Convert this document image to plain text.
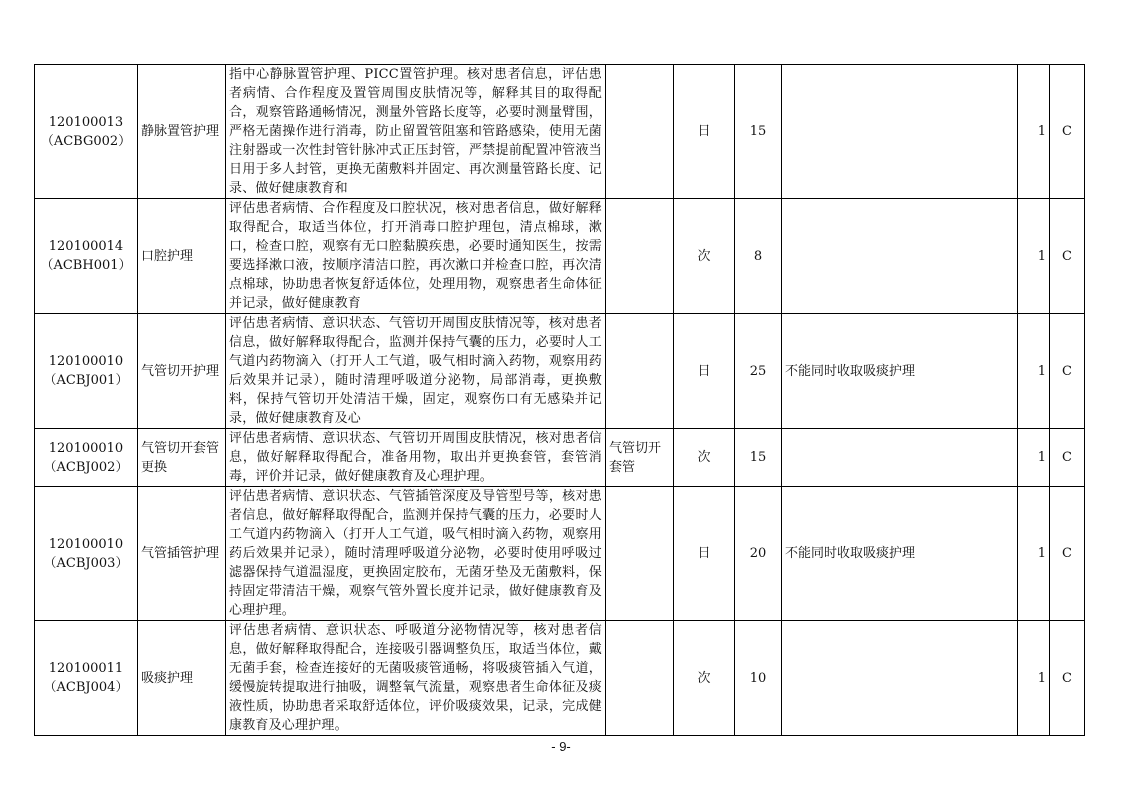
120100013
（ACBG002）	静脉置管护理	指中心静脉置管护理、PICC置管护理。核对患者信息，评估患者病情、合作程度及置管周围皮肤情况等，解释其目的取得配合，观察管路通畅情况，测量外管路长度等，必要时测量臂围，严格无菌操作进行消毒，防止留置管阻塞和管路感染，使用无菌注射器或一次性封管针脉冲式正压封管，严禁提前配置冲管液当日用于多人封管，更换无菌敷料并固定、再次测量管路长度、记录、做好健康教育和		日	15		1	C

120100014
（ACBH001）	口腔护理	评估患者病情、合作程度及口腔状况，核对患者信息，做好解释取得配合，取适当体位，打开消毒口腔护理包，清点棉球，漱口，检查口腔，观察有无口腔黏膜疾患，必要时通知医生，按需要选择漱口液，按顺序清洁口腔，再次漱口并检查口腔，再次清点棉球，协助患者恢复舒适体位，处理用物，观察患者生命体征并记录，做好健康教育		次	8		1	C

120100010
（ACBJ001）	气管切开护理	评估患者病情、意识状态、气管切开周围皮肤情况等，核对患者信息，做好解释取得配合，监测并保持气囊的压力，必要时人工气道内药物滴入（打开人工气道，吸气相时滴入药物，观察用药后效果并记录），随时清理呼吸道分泌物，局部消毒，更换敷料，保持气管切开处清洁干燥，固定，观察伤口有无感染并记录，做好健康教育及心		日	25	不能同时收取吸痰护理	1	C

120100010
（ACBJ002）	气管切开套管更换	评估患者病情、意识状态、气管切开周围皮肤情况，核对患者信息，做好解释取得配合，准备用物，取出并更换套管，套管消毒，评价并记录，做好健康教育及心理护理。	气管切开套管	次	15		1	C

120100010
（ACBJ003）	气管插管护理	评估患者病情、意识状态、气管插管深度及导管型号等，核对患者信息，做好解释取得配合，监测并保持气囊的压力，必要时人工气道内药物滴入（打开人工气道，吸气相时滴入药物，观察用药后效果并记录），随时清理呼吸道分泌物，必要时使用呼吸过滤器保持气道温湿度，更换固定胶布，无菌牙垫及无菌敷料，保持固定带清洁干燥，观察气管外置长度并记录，做好健康教育及心理护理。		日	20	不能同时收取吸痰护理	1	C

120100011
（ACBJ004）	吸痰护理	评估患者病情、意识状态、呼吸道分泌物情况等，核对患者信息，做好解释取得配合，连接吸引器调整负压，取适当体位，戴无菌手套，检查连接好的无菌吸痰管通畅，将吸痰管插入气道，缓慢旋转提取进行抽吸，调整氧气流量，观察患者生命体征及痰液性质，协助患者采取舒适体位，评价吸痰效果，记录，完成健康教育及心理护理。		次	10		1	C
- 9-
